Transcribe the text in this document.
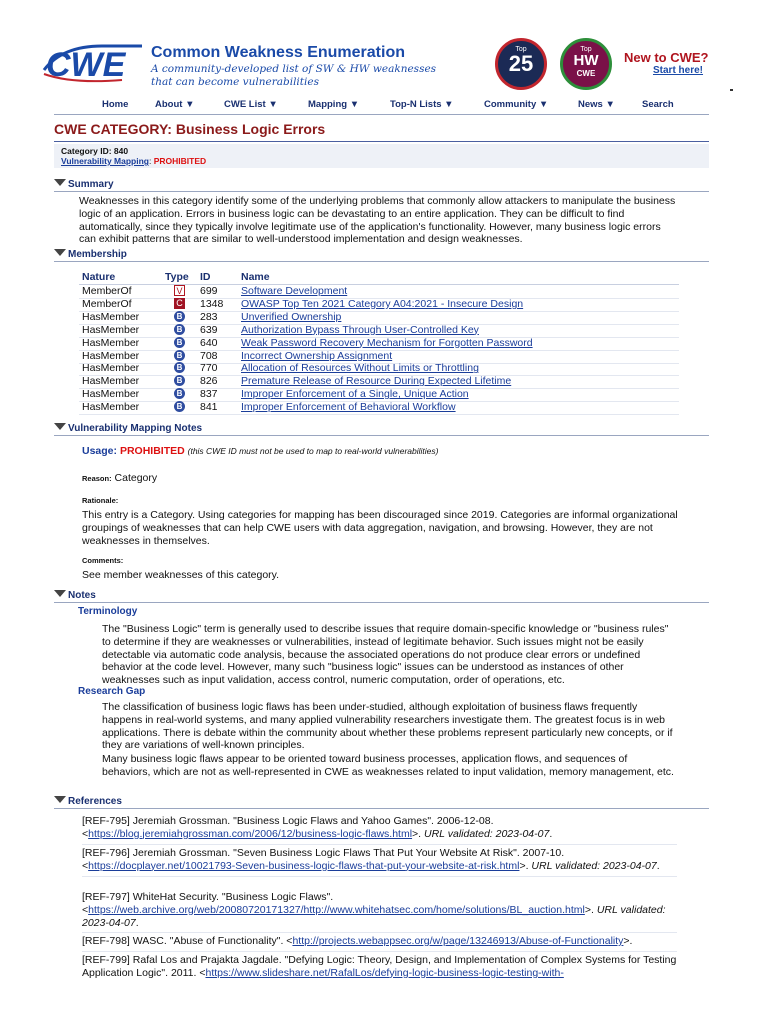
CWE Common Weakness Enumeration
A community-developed list of SW & HW weaknesses that can become vulnerabilities
Top
25
Top
HW
CWE
New to CWE?
Start here!
Home	About ▼	CWE List ▼	Mapping ▼	Top-N Lists ▼	Community ▼	News ▼	Search
CWE CATEGORY: Business Logic Errors
Category ID: 840
Vulnerability Mapping: PROHIBITED
Summary
Weaknesses in this category identify some of the underlying problems that commonly allow attackers to manipulate the business logic of an application. Errors in business logic can be devastating to an entire application. They can be difficult to find automatically, since they typically involve legitimate use of the application's functionality. However, many business logic errors can exhibit patterns that are similar to well-understood implementation and design weaknesses.
Membership
Nature	Type ID	Name
MemberOf	V 699 Software Development
MemberOf	C 1348 OWASP Top Ten 2021 Category A04:2021 - Insecure Design
HasMember	B 283 Unverified Ownership
HasMember	B 639 Authorization Bypass Through User-Controlled Key
HasMember	B 640 Weak Password Recovery Mechanism for Forgotten Password
HasMember	B 708 Incorrect Ownership Assignment
HasMember	B 770 Allocation of Resources Without Limits or Throttling
HasMember	B 826 Premature Release of Resource During Expected Lifetime
HasMember	B 837 Improper Enforcement of a Single, Unique Action
HasMember	B 841 Improper Enforcement of Behavioral Workflow
Vulnerability Mapping Notes
Usage: PROHIBITED (this CWE ID must not be used to map to real-world vulnerabilities)
Reason: Category
Rationale:
This entry is a Category. Using categories for mapping has been discouraged since 2019. Categories are informal organizational groupings of weaknesses that can help CWE users with data aggregation, navigation, and browsing. However, they are not weaknesses in themselves.
Comments:
See member weaknesses of this category.
Notes
Terminology
The "Business Logic" term is generally used to describe issues that require domain-specific knowledge or "business rules" to determine if they are weaknesses or vulnerabilities, instead of legitimate behavior. Such issues might not be easily detectable via automatic code analysis, because the associated operations do not produce clear errors or undefined behavior at the code level. However, many such "business logic" issues can be understood as instances of other weaknesses such as input validation, access control, numeric computation, order of operations, etc.
Research Gap
The classification of business logic flaws has been under-studied, although exploitation of business flaws frequently happens in real-world systems, and many applied vulnerability researchers investigate them. The greatest focus is in web applications. There is debate within the community about whether these problems represent particularly new concepts, or if they are variations of well-known principles.
Many business logic flaws appear to be oriented toward business processes, application flows, and sequences of behaviors, which are not as well-represented in CWE as weaknesses related to input validation, memory management, etc.
References
[REF-795] Jeremiah Grossman. "Business Logic Flaws and Yahoo Games". 2006-12-08. <https://blog.jeremiahgrossman.com/2006/12/business-logic-flaws.html>. URL validated: 2023-04-07.
[REF-796] Jeremiah Grossman. "Seven Business Logic Flaws That Put Your Website At Risk". 2007-10. <https://docplayer.net/10021793-Seven-business-logic-flaws-that-put-your-website-at-risk.html>. URL validated: 2023-04-07.
[REF-797] WhiteHat Security. "Business Logic Flaws". <https://web.archive.org/web/20080720171327/http://www.whitehatsec.com/home/solutions/BL_auction.html>. URL validated: 2023-04-07.
[REF-798] WASC. "Abuse of Functionality". <http://projects.webappsec.org/w/page/13246913/Abuse-of-Functionality>.
[REF-799] Rafal Los and Prajakta Jagdale. "Defying Logic: Theory, Design, and Implementation of Complex Systems for Testing Application Logic". 2011. <https://www.slideshare.net/RafalLos/defying-logic-business-logic-testing-with-
